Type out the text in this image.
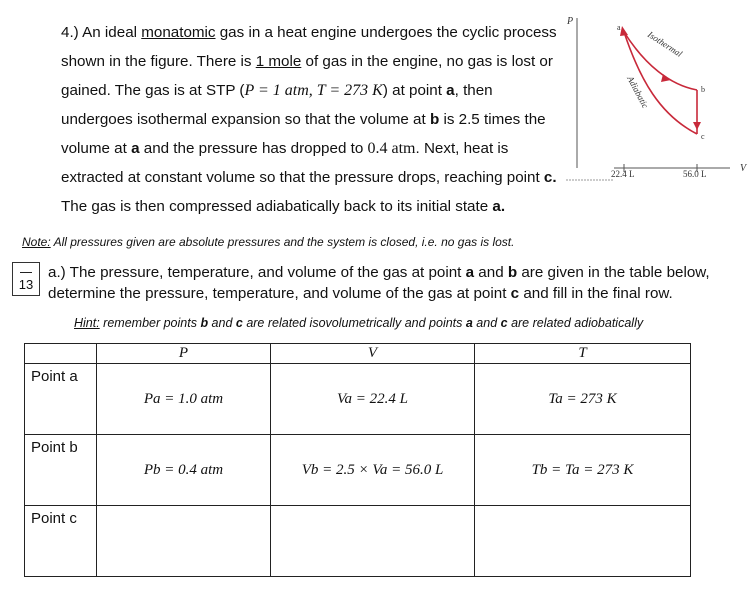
4.) An ideal monatomic gas in a heat engine undergoes the cyclic process shown in the figure. There is 1 mole of gas in the engine, no gas is lost or gained. The gas is at STP (P = 1 atm, T = 273 K) at point a, then undergoes isothermal expansion so that the volume at b is 2.5 times the volume at a and the pressure has dropped to 0.4 atm. Next, heat is extracted at constant volume so that the pressure drops, reaching point c. The gas is then compressed adiabatically back to its initial state a.
P
V
22.4 L	56.0 L
a
b
c
Isothermal
Adiabatic
Note: All pressures given are absolute pressures and the system is closed, i.e. no gas is lost.
13
a.) The pressure, temperature, and volume of the gas at point a and b are given in the table below, determine the pressure, temperature, and volume of the gas at point c and fill in the final row.
Hint: remember points b and c are related isovolumetrically and points a and c are related adiobatically
	P	V	T
Point a	Pa = 1.0 atm	Va = 22.4 L	Ta = 273 K
Point b	Pb = 0.4 atm	Vb = 2.5 × Va = 56.0 L	Tb = Ta = 273 K
Point c			
